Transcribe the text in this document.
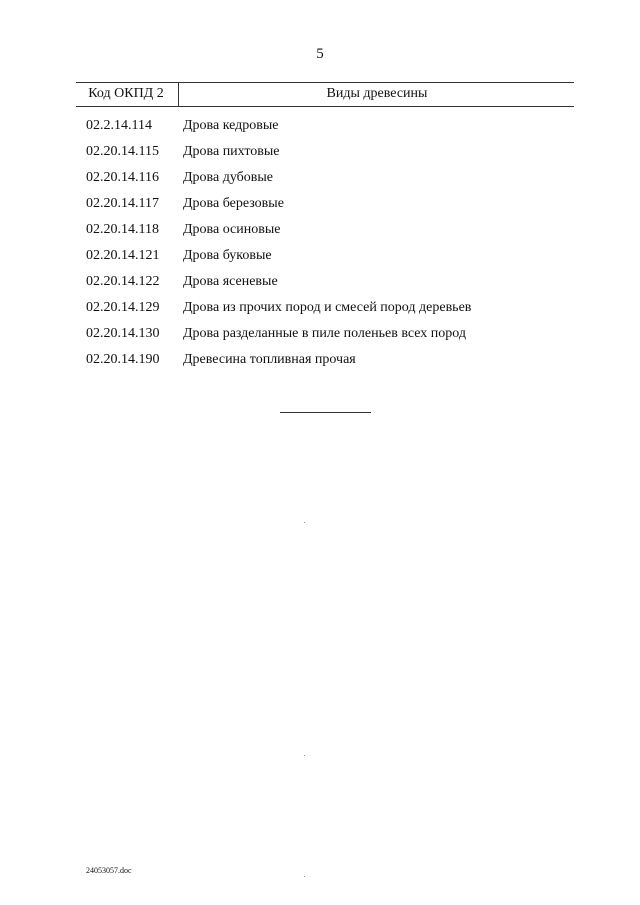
5
Код ОКПД 2	Виды древесины
02.2.14.114 Дрова кедровые
02.20.14.115 Дрова пихтовые
02.20.14.116 Дрова дубовые
02.20.14.117 Дрова березовые
02.20.14.118 Дрова осиновые
02.20.14.121 Дрова буковые
02.20.14.122 Дрова ясеневые
02.20.14.129 Дрова из прочих пород и смесей пород деревьев
02.20.14.130 Дрова разделанные в пиле поленьев всех пород
02.20.14.190 Древесина топливная прочая
24053057.doc
